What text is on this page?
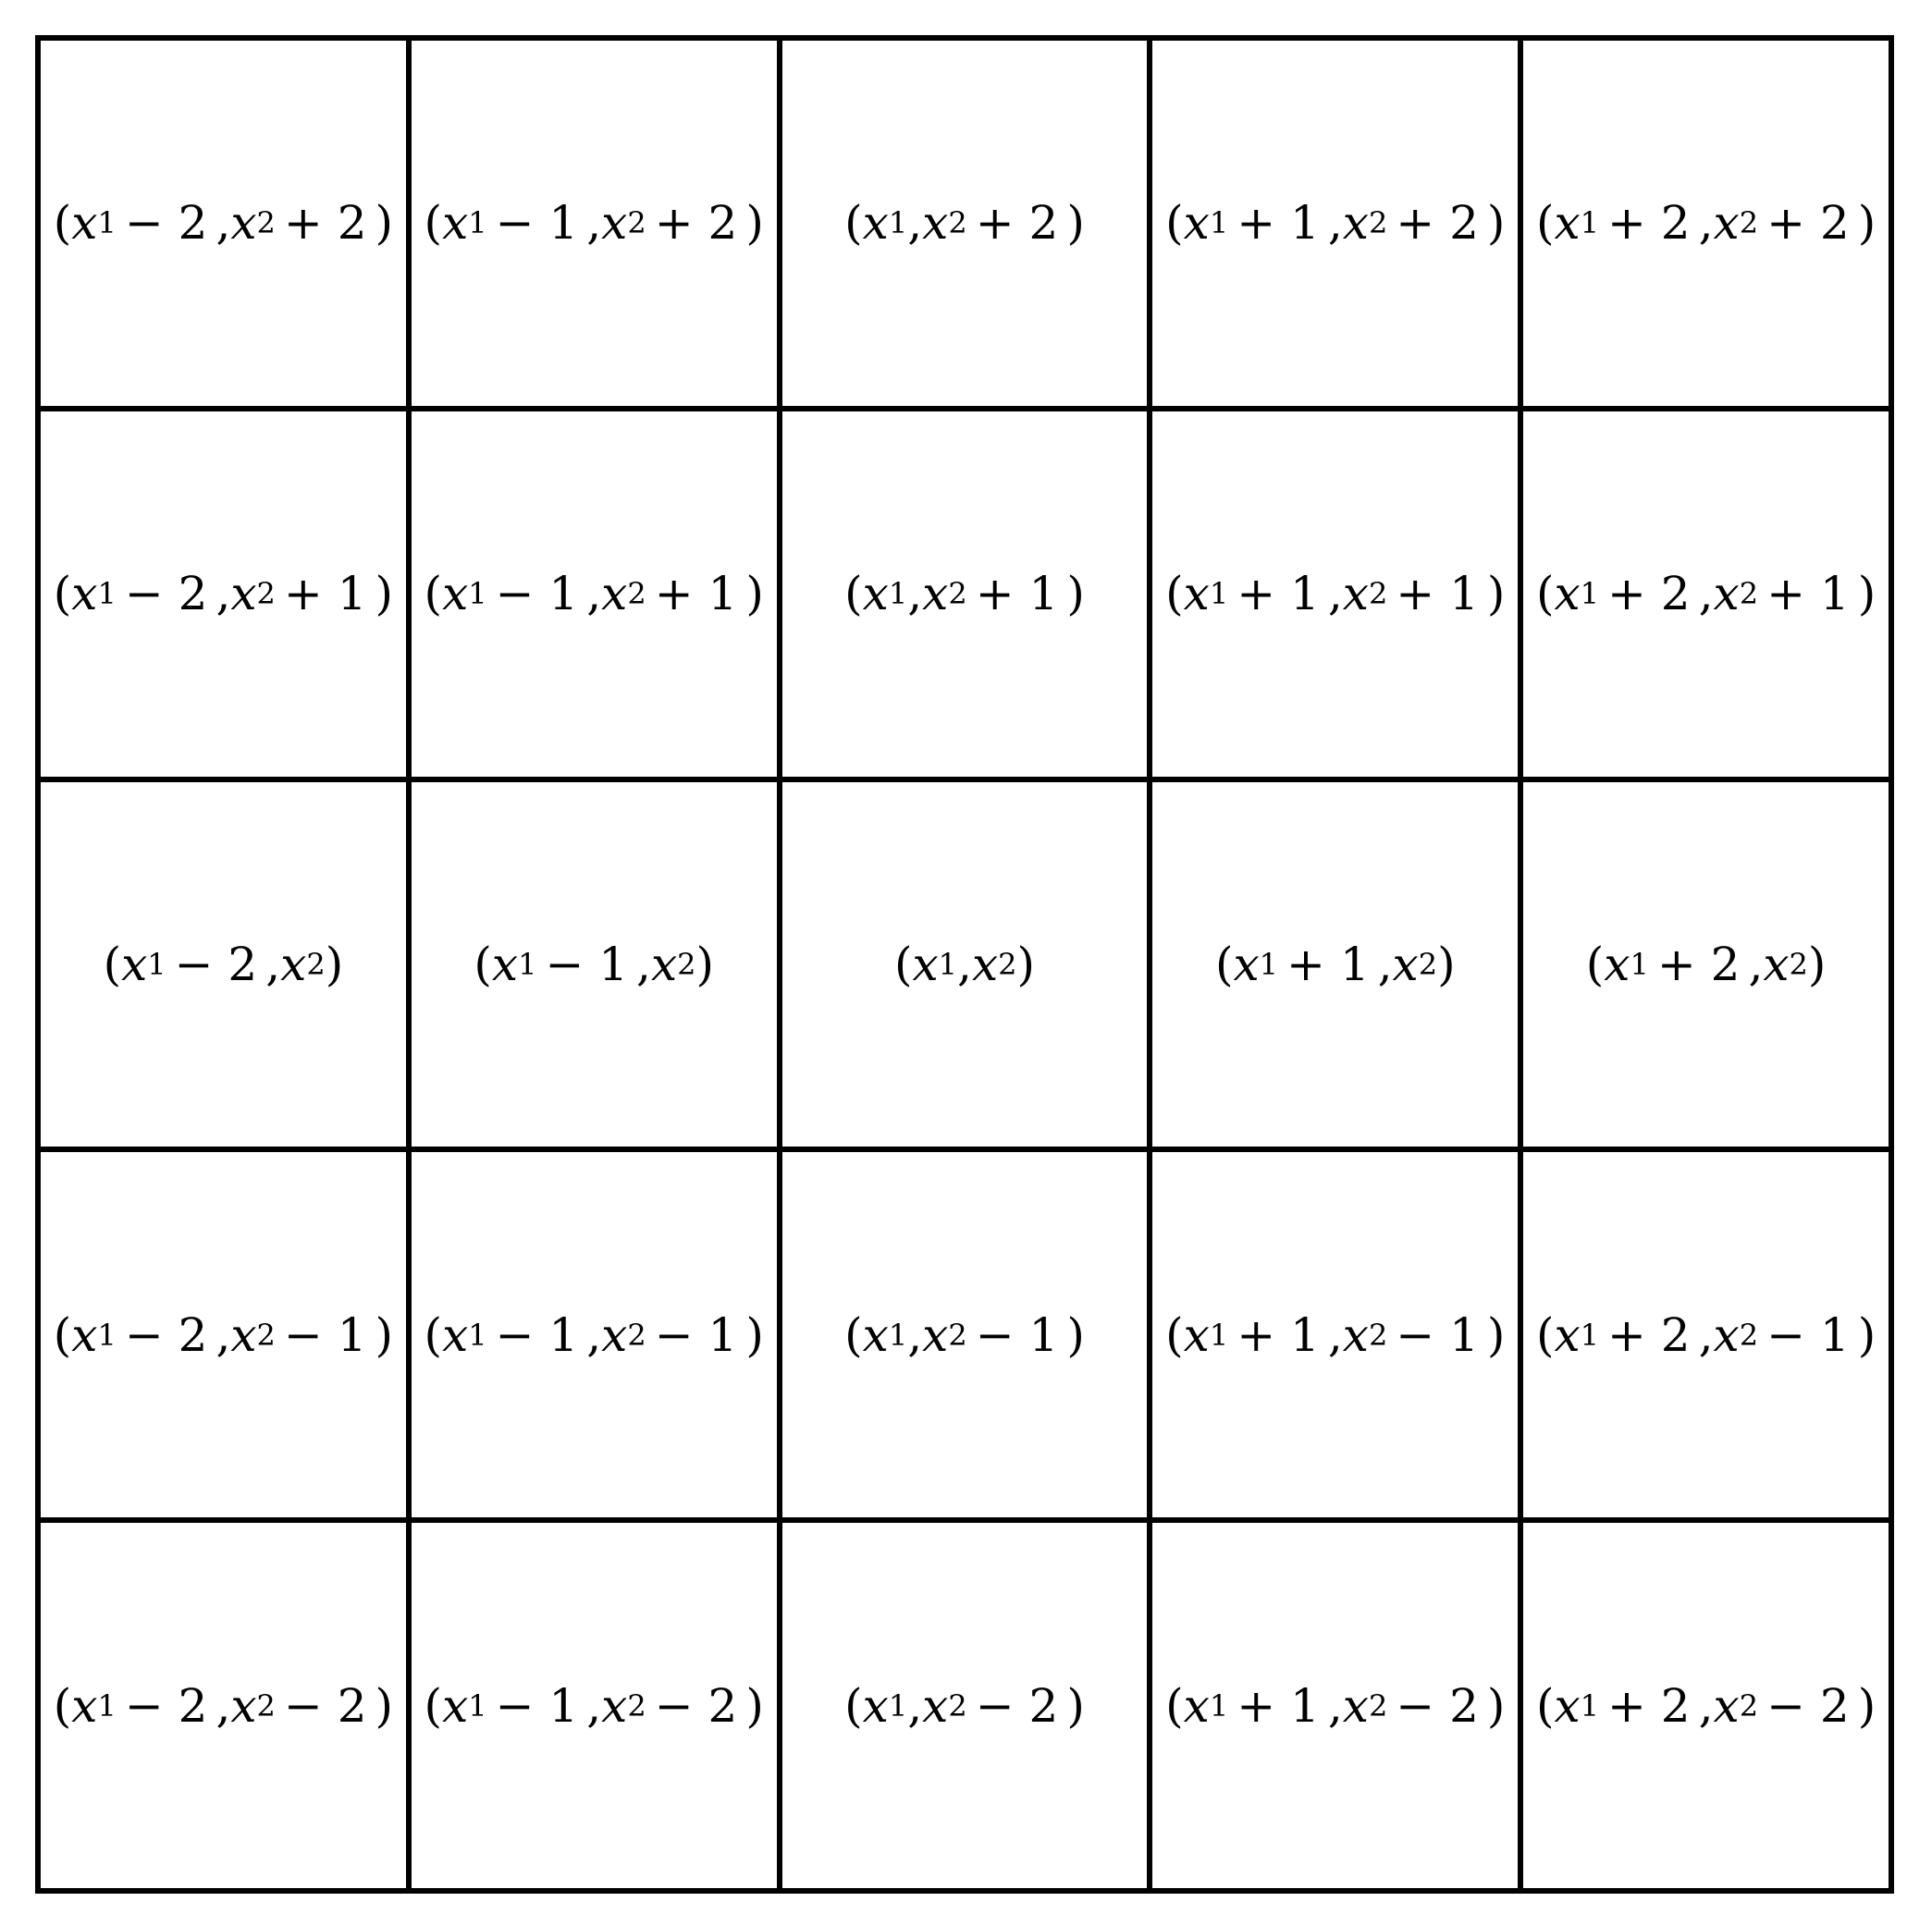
( x 1 − 2 , x 2 + 2 ) ( x 1 − 1 , x 2 + 2 )	( x 1 , x 2 + 2 )	( x 1 + 1 , x 2 + 2 ) ( x 1 + 2 , x 2 + 2 )
( x 1 − 2 , x 2 + 1 ) ( x 1 − 1 , x 2 + 1 )	( x 1 , x 2 + 1 )	( x 1 + 1 , x 2 + 1 ) ( x 1 + 2 , x 2 + 1 )
( x 1 − 2 , x 2 )	( x 1 − 1 , x 2 )	( x 1 , x 2 )	( x 1 + 1 , x 2 )	( x 1 + 2 , x 2 )
( x 1 − 2 , x 2 − 1 ) ( x 1 − 1 , x 2 − 1 )	( x 1 , x 2 − 1 )	( x 1 + 1 , x 2 − 1 ) ( x 1 + 2 , x 2 − 1 )
( x 1 − 2 , x 2 − 2 ) ( x 1 − 1 , x 2 − 2 )	( x 1 , x 2 − 2 )	( x 1 + 1 , x 2 − 2 ) ( x 1 + 2 , x 2 − 2 )
